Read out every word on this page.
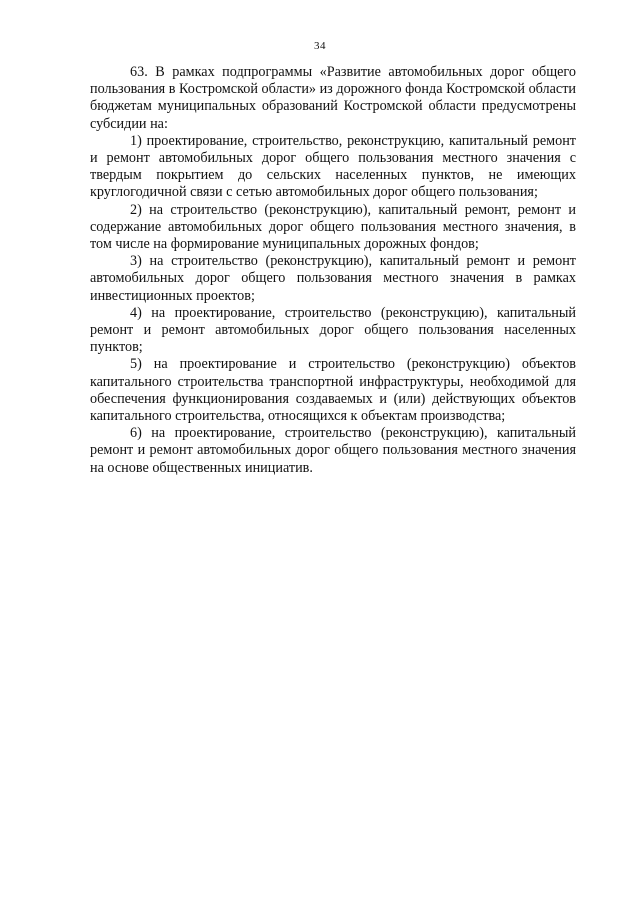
34

63. В рамках подпрограммы «Развитие автомобильных дорог общего пользования в Костромской области» из дорожного фонда Костромской области бюджетам муниципальных образований Костромской области предусмотрены субсидии на:

1) проектирование, строительство, реконструкцию, капитальный ремонт и ремонт автомобильных дорог общего пользования местного значения с твердым покрытием до сельских населенных пунктов, не имеющих круглогодичной связи с сетью автомобильных дорог общего пользования;

2) на строительство (реконструкцию), капитальный ремонт, ремонт и содержание автомобильных дорог общего пользования местного значения, в том числе на формирование муниципальных дорожных фондов;

3) на строительство (реконструкцию), капитальный ремонт и ремонт автомобильных дорог общего пользования местного значения в рамках инвестиционных проектов;

4) на проектирование, строительство (реконструкцию), капитальный ремонт и ремонт автомобильных дорог общего пользования населенных пунктов;

5) на проектирование и строительство (реконструкцию) объектов капитального строительства транспортной инфраструктуры, необходимой для обеспечения функционирования создаваемых и (или) действующих объектов капитального строительства, относящихся к объектам производства;

6) на проектирование, строительство (реконструкцию), капитальный ремонт и ремонт автомобильных дорог общего пользования местного значения на основе общественных инициатив.
